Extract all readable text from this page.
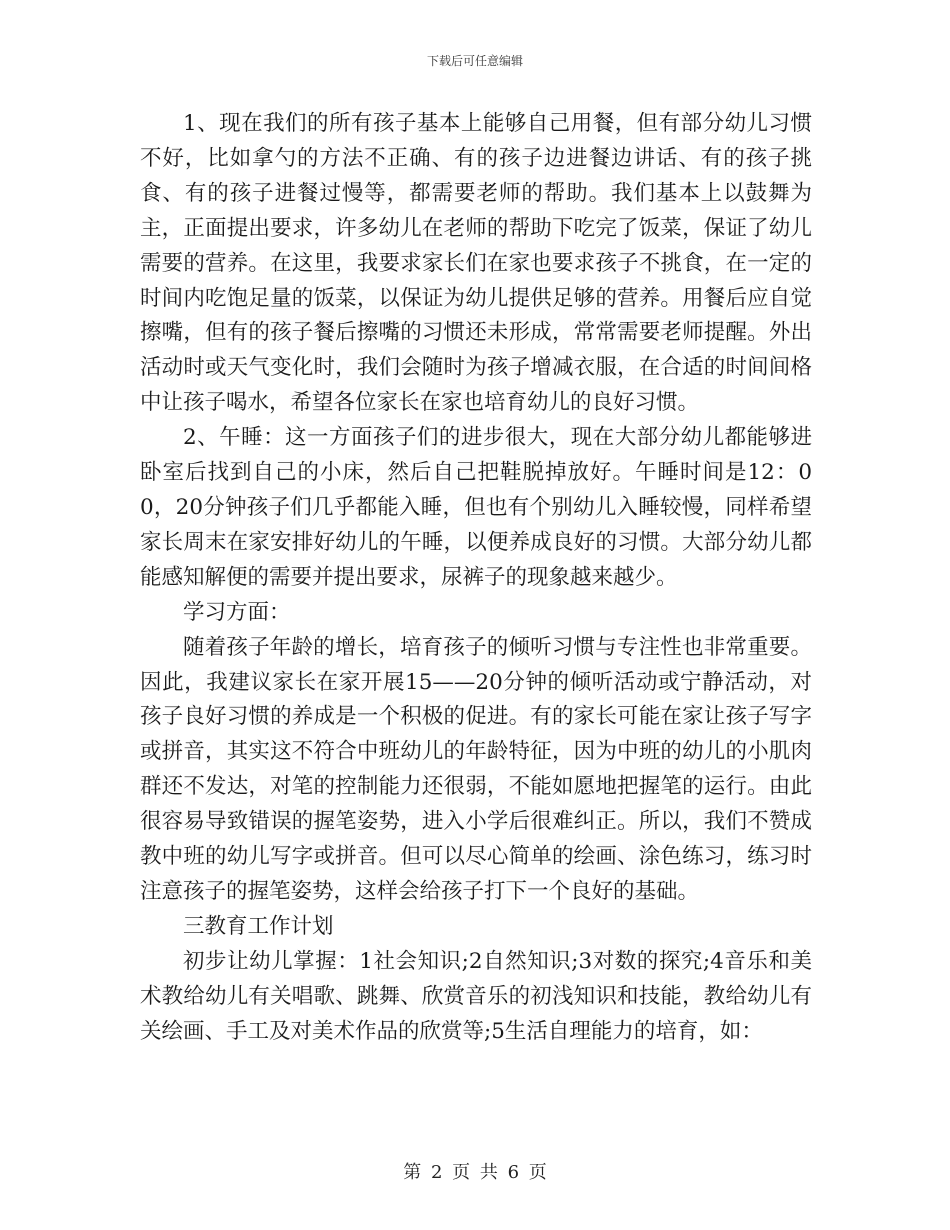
下载后可任意编辑

1、现在我们的所有孩子基本上能够自己用餐，但有部分幼儿习惯不好，比如拿勺的方法不正确、有的孩子边进餐边讲话、有的孩子挑食、有的孩子进餐过慢等，都需要老师的帮助。我们基本上以鼓舞为主，正面提出要求，许多幼儿在老师的帮助下吃完了饭菜，保证了幼儿需要的营养。在这里，我要求家长们在家也要求孩子不挑食，在一定的时间内吃饱足量的饭菜，以保证为幼儿提供足够的营养。用餐后应自觉擦嘴，但有的孩子餐后擦嘴的习惯还未形成，常常需要老师提醒。外出活动时或天气变化时，我们会随时为孩子增减衣服，在合适的时间间格中让孩子喝水，希望各位家长在家也培育幼儿的良好习惯。

2、午睡：这一方面孩子们的进步很大，现在大部分幼儿都能够进卧室后找到自己的小床，然后自己把鞋脱掉放好。午睡时间是12：00，20分钟孩子们几乎都能入睡，但也有个别幼儿入睡较慢，同样希望家长周末在家安排好幼儿的午睡，以便养成良好的习惯。大部分幼儿都能感知解便的需要并提出要求，尿裤子的现象越来越少。

学习方面：

随着孩子年龄的增长，培育孩子的倾听习惯与专注性也非常重要。因此，我建议家长在家开展15——20分钟的倾听活动或宁静活动，对孩子良好习惯的养成是一个积极的促进。有的家长可能在家让孩子写字或拼音，其实这不符合中班幼儿的年龄特征，因为中班的幼儿的小肌肉群还不发达，对笔的控制能力还很弱，不能如愿地把握笔的运行。由此很容易导致错误的握笔姿势，进入小学后很难纠正。所以，我们不赞成教中班的幼儿写字或拼音。但可以尽心简单的绘画、涂色练习，练习时注意孩子的握笔姿势，这样会给孩子打下一个良好的基础。

三教育工作计划

初步让幼儿掌握：1社会知识;2自然知识;3对数的探究;4音乐和美术教给幼儿有关唱歌、跳舞、欣赏音乐的初浅知识和技能，教给幼儿有关绘画、手工及对美术作品的欣赏等;5生活自理能力的培育，如：

第 2 页 共 6 页
